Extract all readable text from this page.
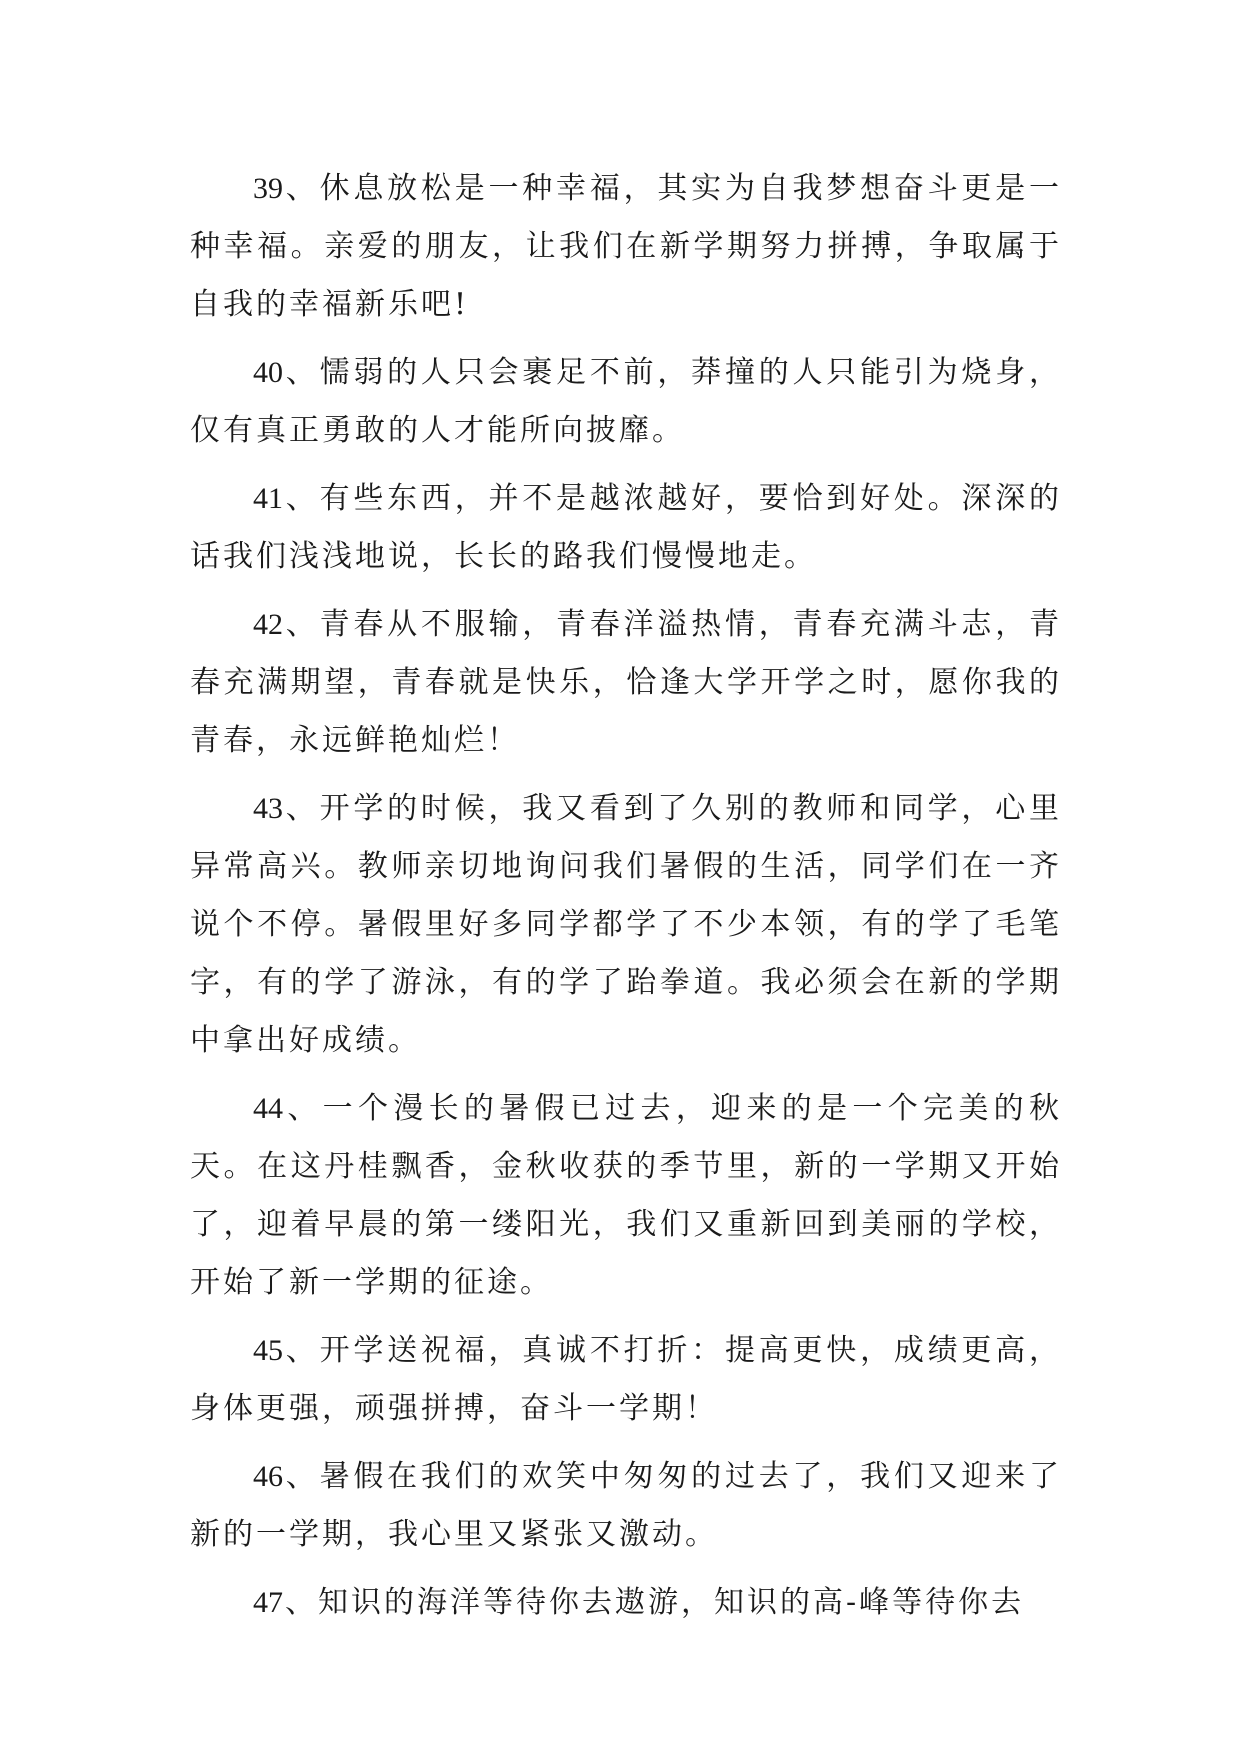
39、休息放松是一种幸福，其实为自我梦想奋斗更是一种幸福。亲爱的朋友，让我们在新学期努力拼搏，争取属于自我的幸福新乐吧!

40、懦弱的人只会裹足不前，莽撞的人只能引为烧身，仅有真正勇敢的人才能所向披靡。

41、有些东西，并不是越浓越好，要恰到好处。深深的话我们浅浅地说，长长的路我们慢慢地走。

42、青春从不服输，青春洋溢热情，青春充满斗志，青春充满期望，青春就是快乐，恰逢大学开学之时，愿你我的青春，永远鲜艳灿烂！

43、开学的时候，我又看到了久别的教师和同学，心里异常高兴。教师亲切地询问我们暑假的生活，同学们在一齐说个不停。暑假里好多同学都学了不少本领，有的学了毛笔字，有的学了游泳，有的学了跆拳道。我必须会在新的学期中拿出好成绩。

44、一个漫长的暑假已过去，迎来的是一个完美的秋天。在这丹桂飘香，金秋收获的季节里，新的一学期又开始了，迎着早晨的第一缕阳光，我们又重新回到美丽的学校，开始了新一学期的征途。

45、开学送祝福，真诚不打折：提高更快，成绩更高，身体更强，顽强拼搏，奋斗一学期！

46、暑假在我们的欢笑中匆匆的过去了，我们又迎来了新的一学期，我心里又紧张又激动。

47、知识的海洋等待你去遨游，知识的高-峰等待你去
